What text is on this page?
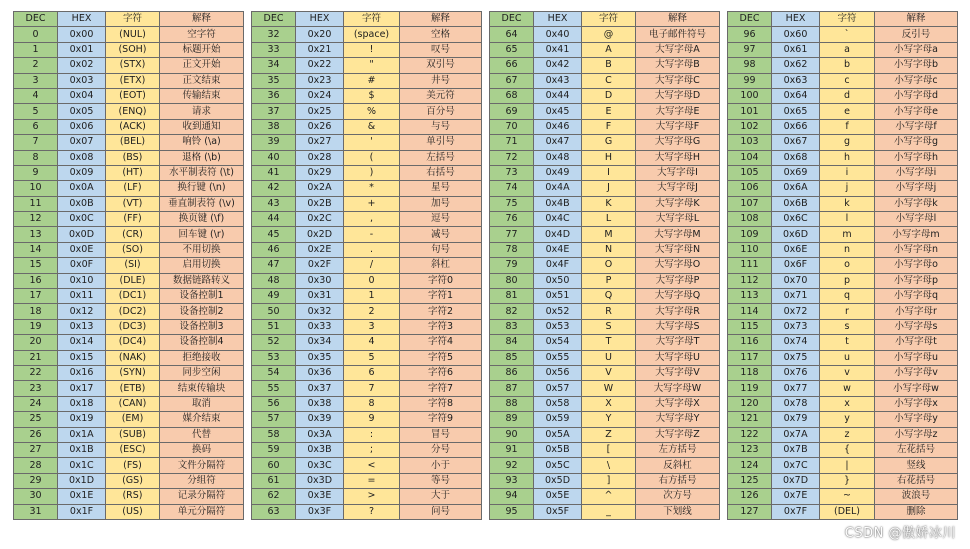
DEC	HEX	字符	解释
0	0x00	(NUL)	空字符
1	0x01	(SOH)	标题开始
2	0x02	(STX)	正文开始
3	0x03	(ETX)	正文结束
4	0x04	(EOT)	传输结束
5	0x05	(ENQ)	请求
6	0x06	(ACK)	收到通知
7	0x07	(BEL)	响铃 (\a)
8	0x08	(BS)	退格 (\b)
9	0x09	(HT)	水平制表符 (\t)
10	0x0A	(LF)	换行键 (\n)
11	0x0B	(VT)	垂直制表符 (\v)
12	0x0C	(FF)	换页键 (\f)
13	0x0D	(CR)	回车键 (\r)
14	0x0E	(SO)	不用切换
15	0x0F	(SI)	启用切换
16	0x10	(DLE)	数据链路转义
17	0x11	(DC1)	设备控制1
18	0x12	(DC2)	设备控制2
19	0x13	(DC3)	设备控制3
20	0x14	(DC4)	设备控制4
21	0x15	(NAK)	拒绝接收
22	0x16	(SYN)	同步空闲
23	0x17	(ETB)	结束传输块
24	0x18	(CAN)	取消
25	0x19	(EM)	媒介结束
26	0x1A	(SUB)	代替
27	0x1B	(ESC)	换码
28	0x1C	(FS)	文件分隔符
29	0x1D	(GS)	分组符
30	0x1E	(RS)	记录分隔符
31	0x1F	(US)	单元分隔符
DEC	HEX	字符	解释
32	0x20	(space)	空格
33	0x21	!	叹号
34	0x22	"	双引号
35	0x23	#	井号
36	0x24	$	美元符
37	0x25	%	百分号
38	0x26	&	与号
39	0x27	'	单引号
40	0x28	(	左括号
41	0x29	)	右括号
42	0x2A	*	星号
43	0x2B	+	加号
44	0x2C	,	逗号
45	0x2D	-	减号
46	0x2E	.	句号
47	0x2F	/	斜杠
48	0x30	0	字符0
49	0x31	1	字符1
50	0x32	2	字符2
51	0x33	3	字符3
52	0x34	4	字符4
53	0x35	5	字符5
54	0x36	6	字符6
55	0x37	7	字符7
56	0x38	8	字符8
57	0x39	9	字符9
58	0x3A	:	冒号
59	0x3B	;	分号
60	0x3C	<	小于
61	0x3D	=	等号
62	0x3E	>	大于
63	0x3F	?	问号
DEC	HEX	字符	解释
64	0x40	@	电子邮件符号
65	0x41	A	大写字母A
66	0x42	B	大写字母B
67	0x43	C	大写字母C
68	0x44	D	大写字母D
69	0x45	E	大写字母E
70	0x46	F	大写字母F
71	0x47	G	大写字母G
72	0x48	H	大写字母H
73	0x49	I	大写字母I
74	0x4A	J	大写字母J
75	0x4B	K	大写字母K
76	0x4C	L	大写字母L
77	0x4D	M	大写字母M
78	0x4E	N	大写字母N
79	0x4F	O	大写字母O
80	0x50	P	大写字母P
81	0x51	Q	大写字母Q
82	0x52	R	大写字母R
83	0x53	S	大写字母S
84	0x54	T	大写字母T
85	0x55	U	大写字母U
86	0x56	V	大写字母V
87	0x57	W	大写字母W
88	0x58	X	大写字母X
89	0x59	Y	大写字母Y
90	0x5A	Z	大写字母Z
91	0x5B	[	左方括号
92	0x5C	\	反斜杠
93	0x5D	]	右方括号
94	0x5E	^	次方号
95	0x5F	_	下划线
DEC	HEX	字符	解释
96	0x60	`	反引号
97	0x61	a	小写字母a
98	0x62	b	小写字母b
99	0x63	c	小写字母c
100	0x64	d	小写字母d
101	0x65	e	小写字母e
102	0x66	f	小写字母f
103	0x67	g	小写字母g
104	0x68	h	小写字母h
105	0x69	i	小写字母i
106	0x6A	j	小写字母j
107	0x6B	k	小写字母k
108	0x6C	l	小写字母l
109	0x6D	m	小写字母m
110	0x6E	n	小写字母n
111	0x6F	o	小写字母o
112	0x70	p	小写字母p
113	0x71	q	小写字母q
114	0x72	r	小写字母r
115	0x73	s	小写字母s
116	0x74	t	小写字母t
117	0x75	u	小写字母u
118	0x76	v	小写字母v
119	0x77	w	小写字母w
120	0x78	x	小写字母x
121	0x79	y	小写字母y
122	0x7A	z	小写字母z
123	0x7B	{	左花括号
124	0x7C	|	竖线
125	0x7D	}	右花括号
126	0x7E	~	波浪号
127	0x7F	(DEL)	删除
CSDN @傲娇冰川
